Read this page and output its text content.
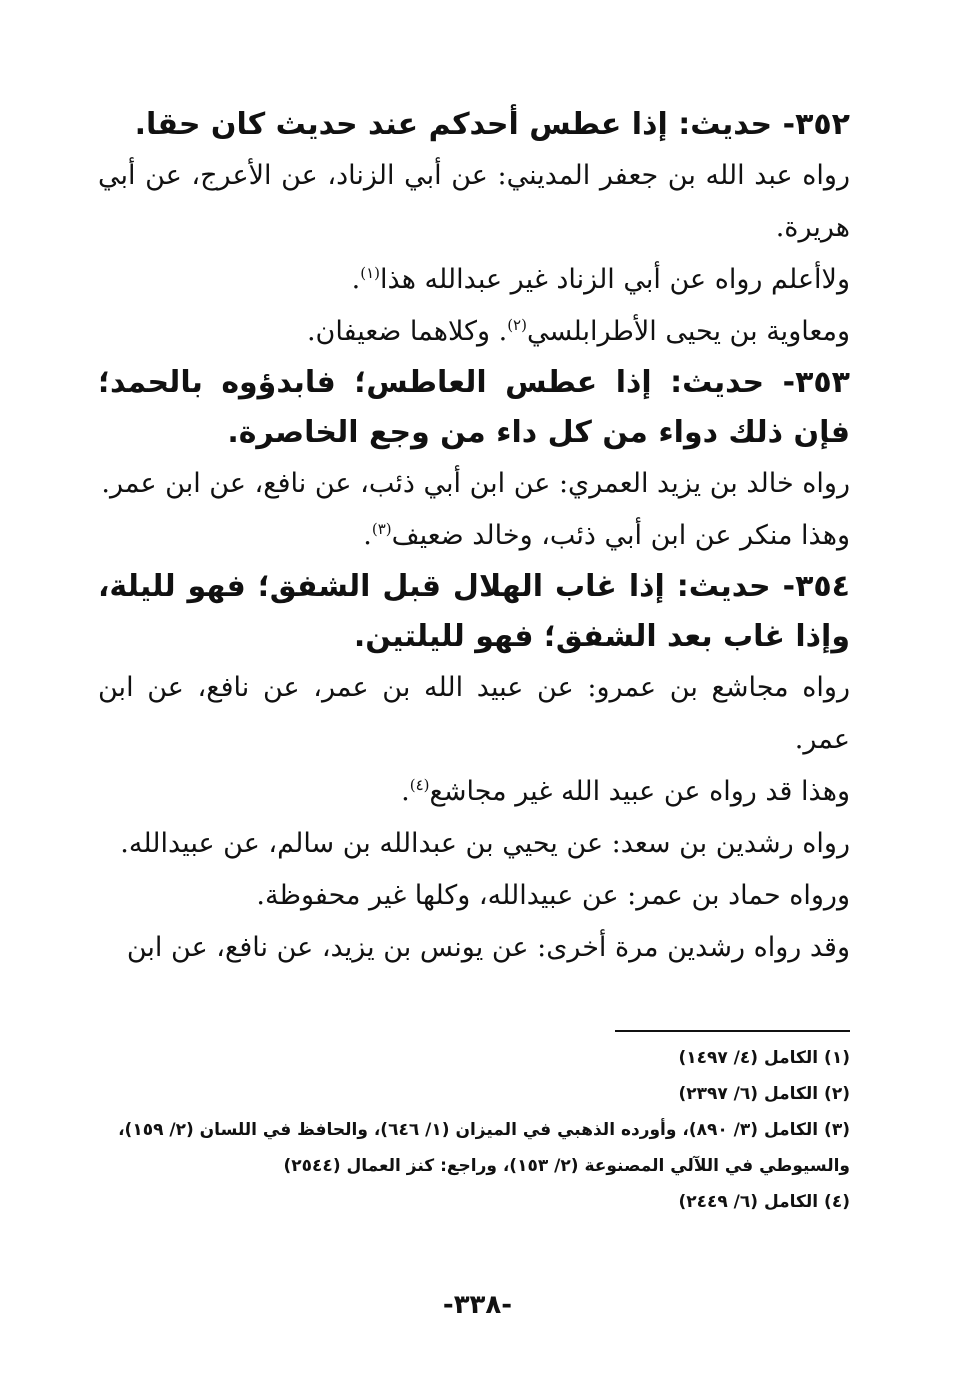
٣٥٢- حديث: إذا عطس أحدكم عند حديث كان حقا.

رواه عبد الله بن جعفر المديني: عن أبي الزناد، عن الأعرج، عن أبي هريرة.

ولاأعلم رواه عن أبي الزناد غير عبدالله هذا$^{(١)}$.

ومعاوية بن يحيى الأطرابلسي$^{(٢)}$. وكلاهما ضعيفان.

٣٥٣- حديث: إذا عطس العاطس؛ فابدؤوه بالحمد؛ فإن ذلك دواء من كل داء من وجع الخاصرة.

رواه خالد بن يزيد العمري: عن ابن أبي ذئب، عن نافع، عن ابن عمر.

وهذا منكر عن ابن أبي ذئب، وخالد ضعيف$^{(٣)}$.

٣٥٤- حديث: إذا غاب الهلال قبل الشفق؛ فهو لليلة، وإذا غاب بعد الشفق؛ فهو لليلتين.

رواه مجاشع بن عمرو: عن عبيد الله بن عمر، عن نافع، عن ابن عمر.

وهذا قد رواه عن عبيد الله غير مجاشع$^{(٤)}$.

رواه رشدين بن سعد: عن يحيي بن عبدالله بن سالم، عن عبيدالله.

ورواه حماد بن عمر: عن عبيدالله، وكلها غير محفوظة.

وقد رواه رشدين مرة أخرى: عن يونس بن يزيد، عن نافع، عن ابن

(١) الكامل (٤/ ١٤٩٧)

(٢) الكامل (٦/ ٢٣٩٧)

(٣) الكامل (٣/ ٨٩٠)، وأورده الذهبي في الميزان (١/ ٦٤٦)، والحافظ في اللسان (٢/ ١٥٩)، والسيوطي في اللآلي المصنوعة (٢/ ١٥٣)، وراجع: كنز العمال (٢٥٤٤)

(٤) الكامل (٦/ ٢٤٤٩)

-٣٣٨-
